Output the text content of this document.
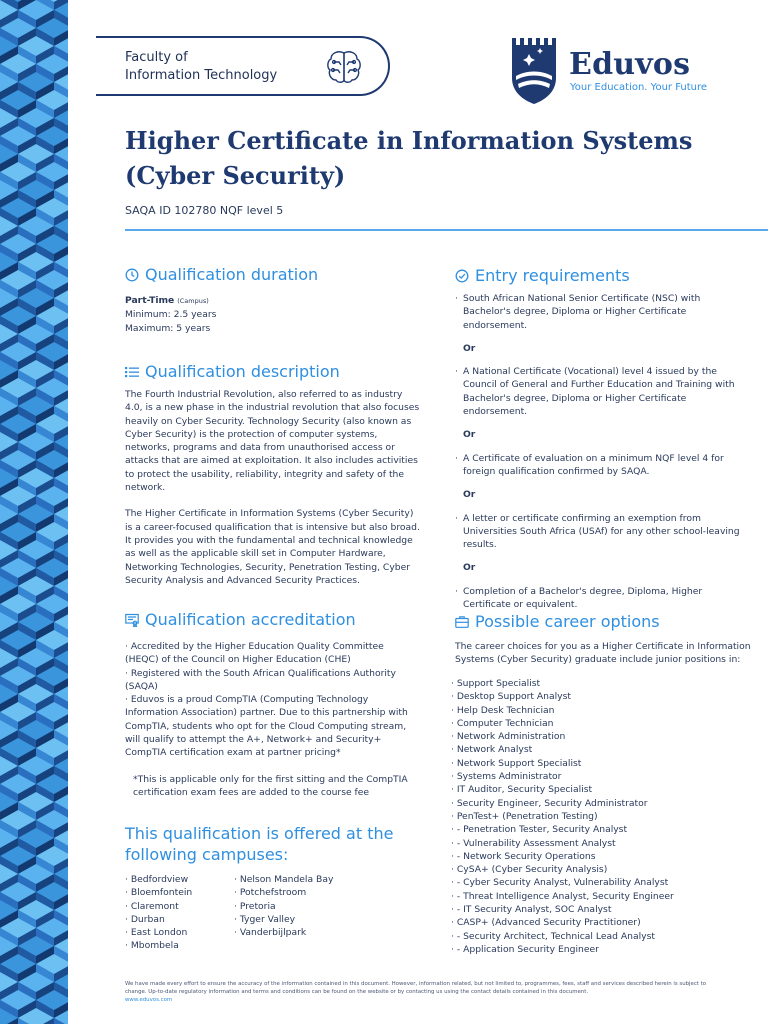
Faculty of
Information Technology	Eduvos
Your Education. Your Future
Higher Certificate in Information Systems
(Cyber Security)
SAQA ID 102780 NQF level 5
Qualification duration

Part-Time (Campus)

Minimum: 2.5 years

Maximum: 5 years

Qualification description

The Fourth Industrial Revolution, also referred to as industry 4.0, is a new phase in the industrial revolution that also focuses heavily on Cyber Security. Technology Security (also known as Cyber Security) is the protection of computer systems, networks, programs and data from unauthorised access or attacks that are aimed at exploitation. It also includes activities to protect the usability, reliability, integrity and safety of the network.

The Higher Certificate in Information Systems (Cyber Security) is a career-focused qualification that is intensive but also broad. It provides you with the fundamental and technical knowledge as well as the applicable skill set in Computer Hardware, Networking Technologies, Security, Penetration Testing, Cyber Security Analysis and Advanced Security Practices.

Qualification accreditation
· Accredited by the Higher Education Quality Committee (HEQC) of the Council on Higher Education (CHE)
· Registered with the South African Qualifications Authority (SAQA)
· Eduvos is a proud CompTIA (Computing Technology Information Association) partner. Due to this partnership with CompTIA, students who opt for the Cloud Computing stream, will qualify to attempt the A+, Network+ and Security+ CompTIA certification exam at partner pricing*

*This is applicable only for the first sitting and the CompTIA certification exam fees are added to the course fee

This qualification is offered at the
following campuses:
· Bedfordview
· Bloemfontein
· Claremont
· Durban
· East London
· Mbombela
· Nelson Mandela Bay
· Potchefstroom
· Pretoria
· Tyger Valley
· Vanderbijlpark
Entry requirements
· South African National Senior Certificate (NSC) with Bachelor's degree, Diploma or Higher Certificate endorsement.
Or
· A National Certificate (Vocational) level 4 issued by the Council of General and Further Education and Training with Bachelor's degree, Diploma or Higher Certificate endorsement.
Or
· A Certificate of evaluation on a minimum NQF level 4 for foreign qualification confirmed by SAQA.
Or
· A letter or certificate confirming an exemption from Universities South Africa (USAf) for any other school-leaving results.
Or
· Completion of a Bachelor's degree, Diploma, Higher Certificate or equivalent.
Possible career options
The career choices for you as a Higher Certificate in Information Systems (Cyber Security) graduate include junior positions in:
· Support Specialist
· Desktop Support Analyst
· Help Desk Technician
· Computer Technician
· Network Administration
· Network Analyst
· Network Support Specialist
· Systems Administrator
· IT Auditor, Security Specialist
· Security Engineer, Security Administrator
· PenTest+ (Penetration Testing)
· - Penetration Tester, Security Analyst
· - Vulnerability Assessment Analyst
· - Network Security Operations
· CySA+ (Cyber Security Analysis)
· - Cyber Security Analyst, Vulnerability Analyst
· - Threat Intelligence Analyst, Security Engineer
· - IT Security Analyst, SOC Analyst
· CASP+ (Advanced Security Practitioner)
· - Security Architect, Technical Lead Analyst
· - Application Security Engineer
We have made every effort to ensure the accuracy of the information contained in this document. However, information related, but not limited to, programmes, fees, staff and services described herein is subject to change. Up-to-date regulatory information and terms and conditions can be found on the website or by contacting us using the contact details contained in this document.
www.eduvos.com
